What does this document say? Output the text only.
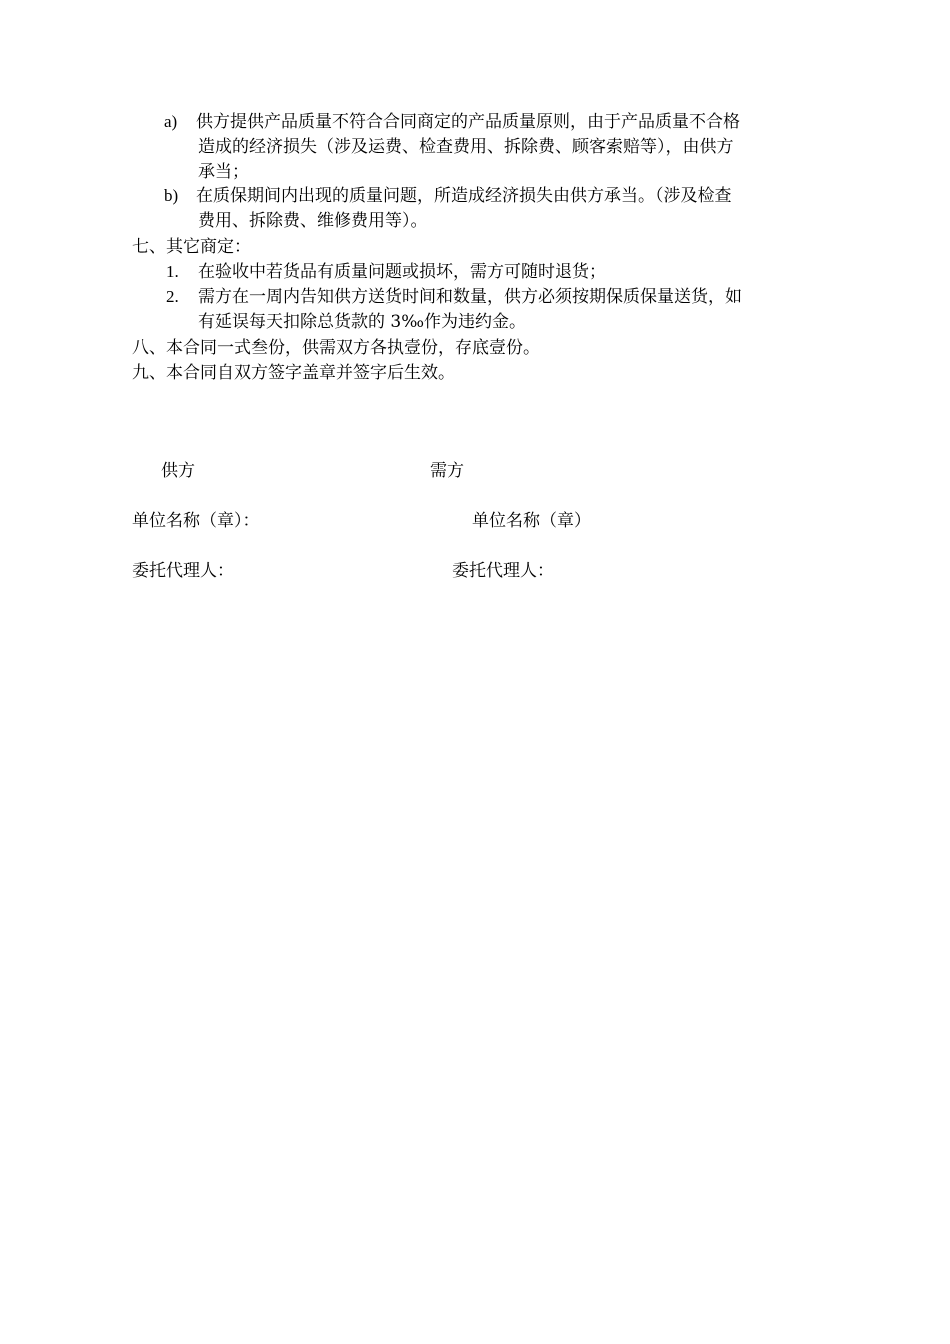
a) 供方提供产品质量不符合合同商定的产品质量原则，由于产品质量不合格
造成的经济损失（涉及运费、检查费用、拆除费、顾客索赔等），由供方
承当；
b) 在质保期间内出现的质量问题，所造成经济损失由供方承当。（涉及检查
费用、拆除费、维修费用等）。
七、其它商定：
1. 在验收中若货品有质量问题或损坏，需方可随时退货；
2. 需方在一周内告知供方送货时间和数量，供方必须按期保质保量送货，如
有延误每天扣除总货款的 3‰作为违约金。
八、本合同一式叁份，供需双方各执壹份，存底壹份。
九、本合同自双方签字盖章并签字后生效。
供方	需方
单位名称（章）：	单位名称（章）
委托代理人：	委托代理人：
